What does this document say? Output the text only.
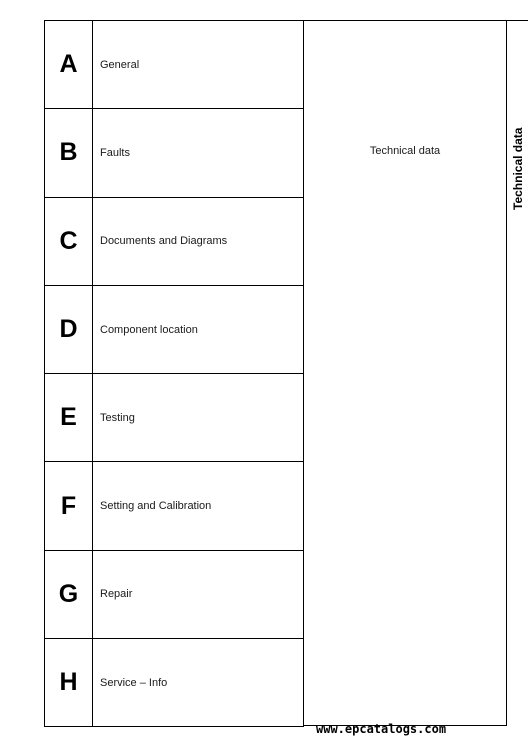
A	General
B	Faults
C	Documents and Diagrams
D	Component location
E	Testing
F	Setting and Calibration
G	Repair
H	Service – Info
Technical data	Technical data
www.epcatalogs.com
